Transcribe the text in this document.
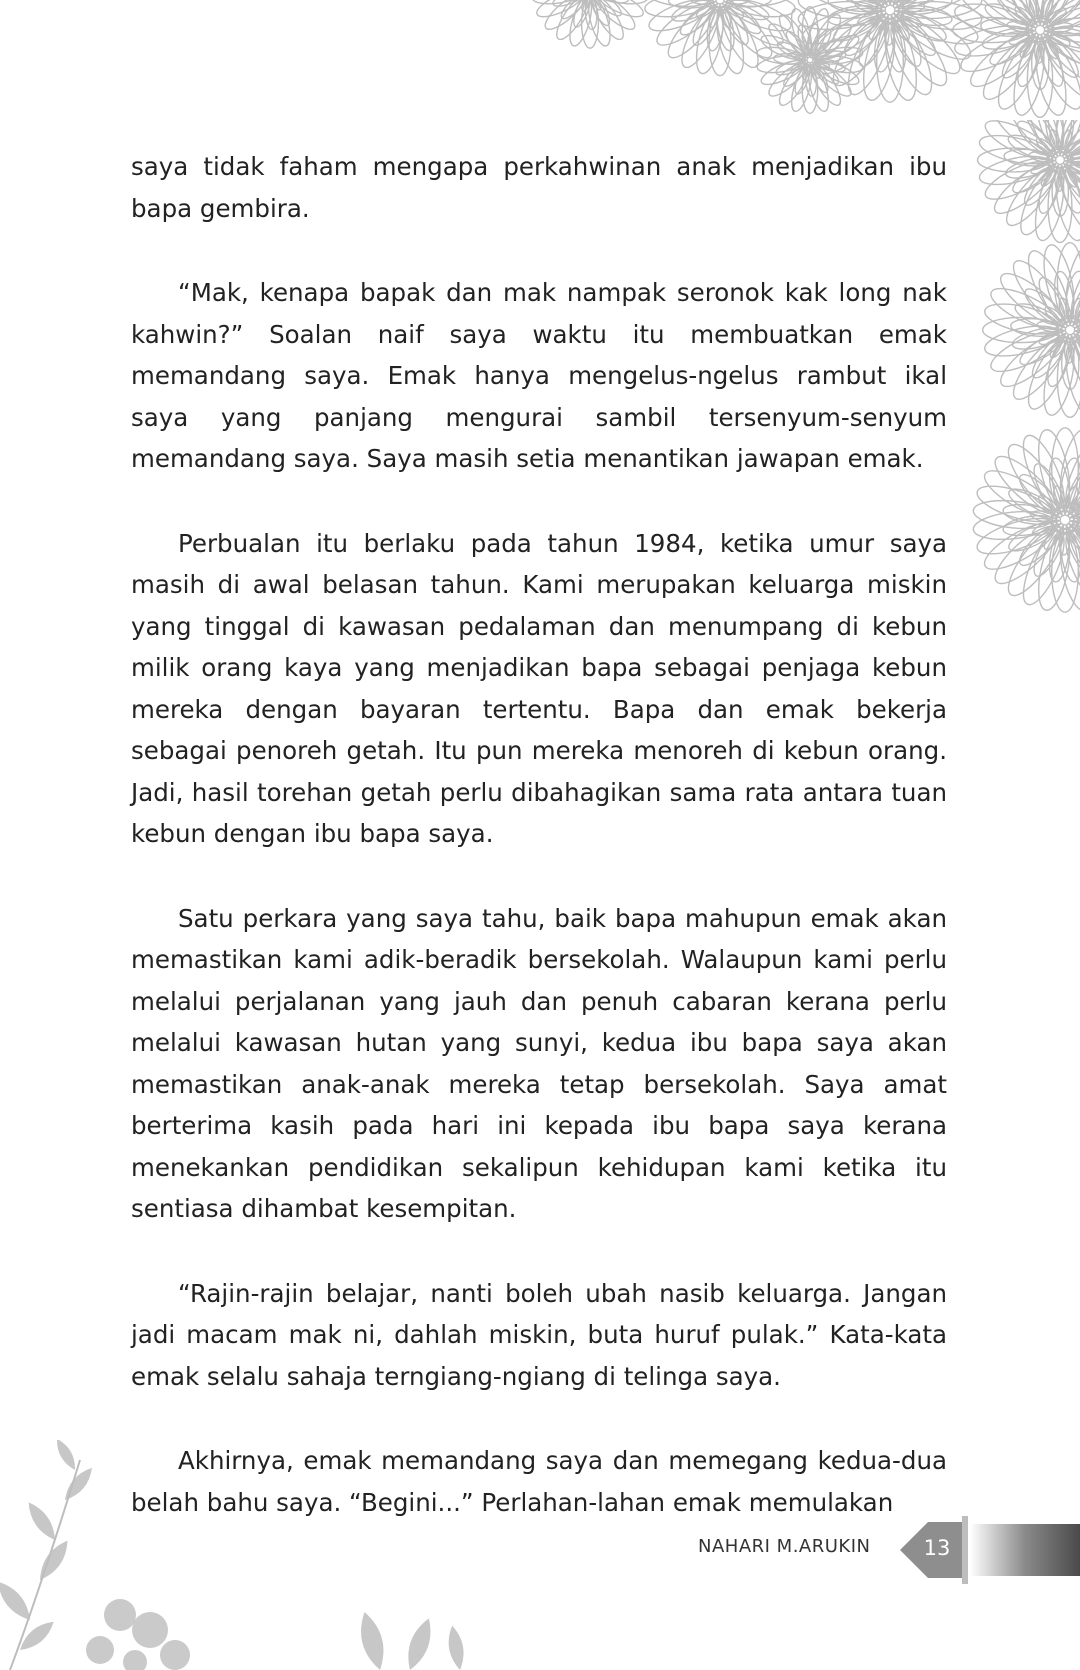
saya tidak faham mengapa perkahwinan anak menjadikan ibu bapa gembira.

“Mak, kenapa bapak dan mak nampak seronok kak long nak kahwin?” Soalan naif saya waktu itu membuatkan emak memandang saya. Emak hanya mengelus-ngelus rambut ikal saya yang panjang mengurai sambil tersenyum-senyum memandang saya. Saya masih setia menantikan jawapan emak.

Perbualan itu berlaku pada tahun 1984, ketika umur saya masih di awal belasan tahun. Kami merupakan keluarga miskin yang tinggal di kawasan pedalaman dan menumpang di kebun milik orang kaya yang menjadikan bapa sebagai penjaga kebun mereka dengan bayaran tertentu. Bapa dan emak bekerja sebagai penoreh getah. Itu pun mereka menoreh di kebun orang. Jadi, hasil torehan getah perlu dibahagikan sama rata antara tuan kebun dengan ibu bapa saya.

Satu perkara yang saya tahu, baik bapa mahupun emak akan memastikan kami adik-beradik bersekolah. Walaupun kami perlu melalui perjalanan yang jauh dan penuh cabaran kerana perlu melalui kawasan hutan yang sunyi, kedua ibu bapa saya akan memastikan anak-anak mereka tetap bersekolah. Saya amat berterima kasih pada hari ini kepada ibu bapa saya kerana menekankan pendidikan sekalipun kehidupan kami ketika itu sentiasa dihambat kesempitan.

“Rajin-rajin belajar, nanti boleh ubah nasib keluarga. Jangan jadi macam mak ni, dahlah miskin, buta huruf pulak.” Kata-kata emak selalu sahaja terngiang-ngiang di telinga saya.

Akhirnya, emak memandang saya dan memegang kedua-dua belah bahu saya. “Begini...” Perlahan-lahan emak memulakan

NAHARI M.ARUKIN	13
